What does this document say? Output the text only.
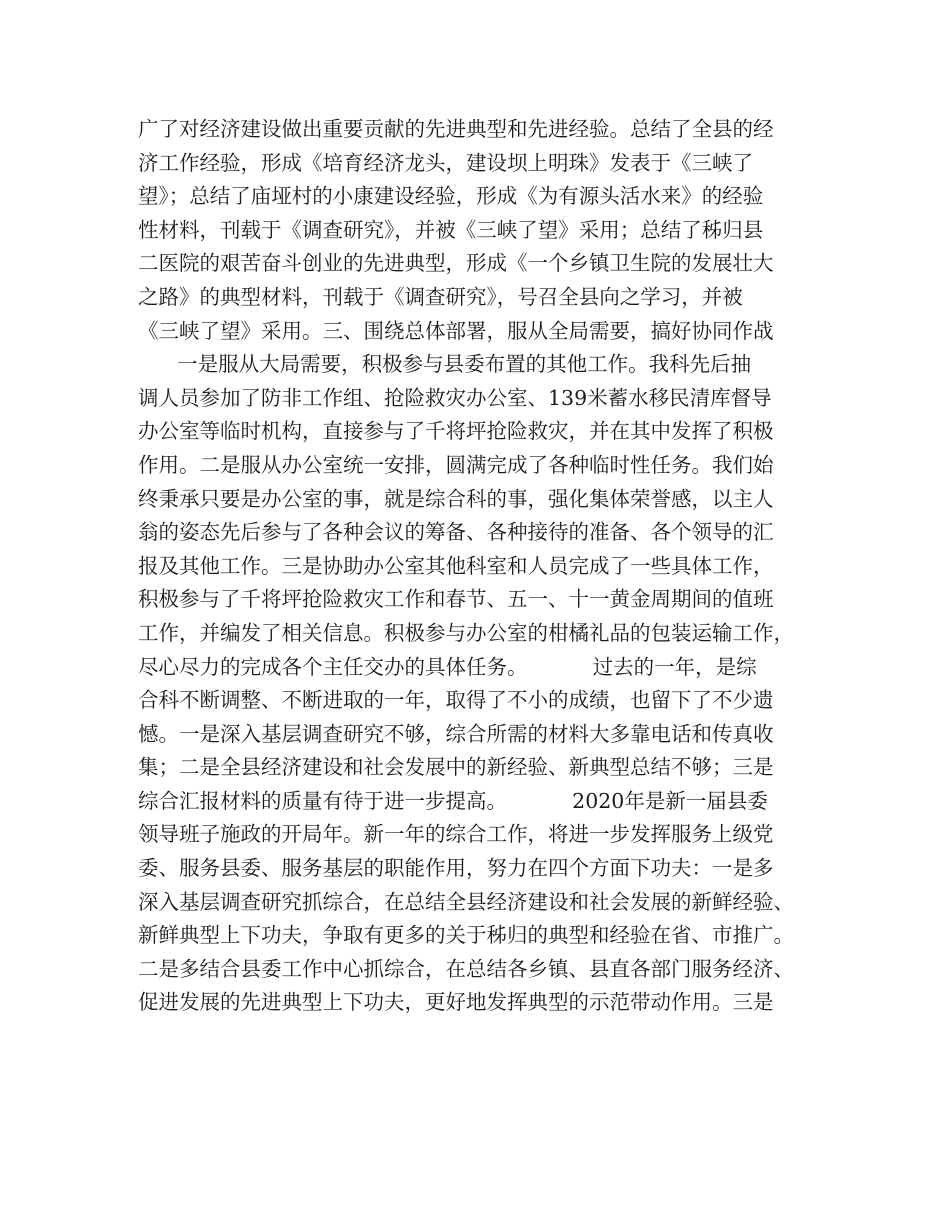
广了对经济建设做出重要贡献的先进典型和先进经验。总结了全县的经
济工作经验，形成《培育经济龙头，建设坝上明珠》发表于《三峡了
望》；总结了庙垭村的小康建设经验，形成《为有源头活水来》的经验
性材料，刊载于《调查研究》，并被《三峡了望》采用；总结了秭归县
二医院的艰苦奋斗创业的先进典型，形成《一个乡镇卫生院的发展壮大
之路》的典型材料，刊载于《调查研究》，号召全县向之学习，并被
《三峡了望》采用。三、围绕总体部署，服从全局需要，搞好协同作战
一是服从大局需要，积极参与县委布置的其他工作。我科先后抽
调人员参加了防非工作组、抢险救灾办公室、139米蓄水移民清库督导
办公室等临时机构，直接参与了千将坪抢险救灾，并在其中发挥了积极
作用。二是服从办公室统一安排，圆满完成了各种临时性任务。我们始
终秉承只要是办公室的事，就是综合科的事，强化集体荣誉感，以主人
翁的姿态先后参与了各种会议的筹备、各种接待的准备、各个领导的汇
报及其他工作。三是协助办公室其他科室和人员完成了一些具体工作，
积极参与了千将坪抢险救灾工作和春节、五一、十一黄金周期间的值班
工作，并编发了相关信息。积极参与办公室的柑橘礼品的包装运输工作，
尽心尽力的完成各个主任交办的具体任务。          过去的一年，是综
合科不断调整、不断进取的一年，取得了不小的成绩，也留下了不少遗
憾。一是深入基层调查研究不够，综合所需的材料大多靠电话和传真收
集；二是全县经济建设和社会发展中的新经验、新典型总结不够；三是
综合汇报材料的质量有待于进一步提高。          2020年是新一届县委
领导班子施政的开局年。新一年的综合工作，将进一步发挥服务上级党
委、服务县委、服务基层的职能作用，努力在四个方面下功夫：一是多
深入基层调查研究抓综合，在总结全县经济建设和社会发展的新鲜经验、
新鲜典型上下功夫，争取有更多的关于秭归的典型和经验在省、市推广。
二是多结合县委工作中心抓综合，在总结各乡镇、县直各部门服务经济、
促进发展的先进典型上下功夫，更好地发挥典型的示范带动作用。三是
